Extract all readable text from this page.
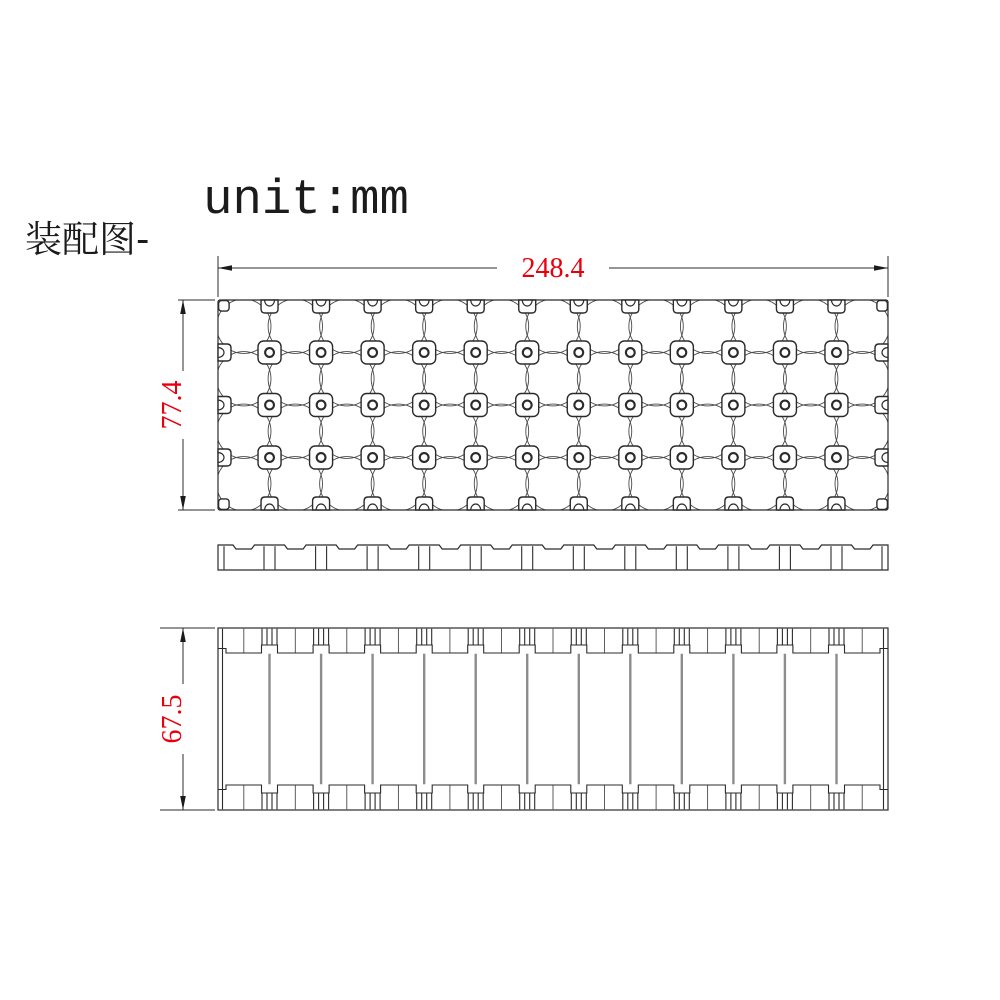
unit:mm
装配图-
248.4
77.4
67.5
